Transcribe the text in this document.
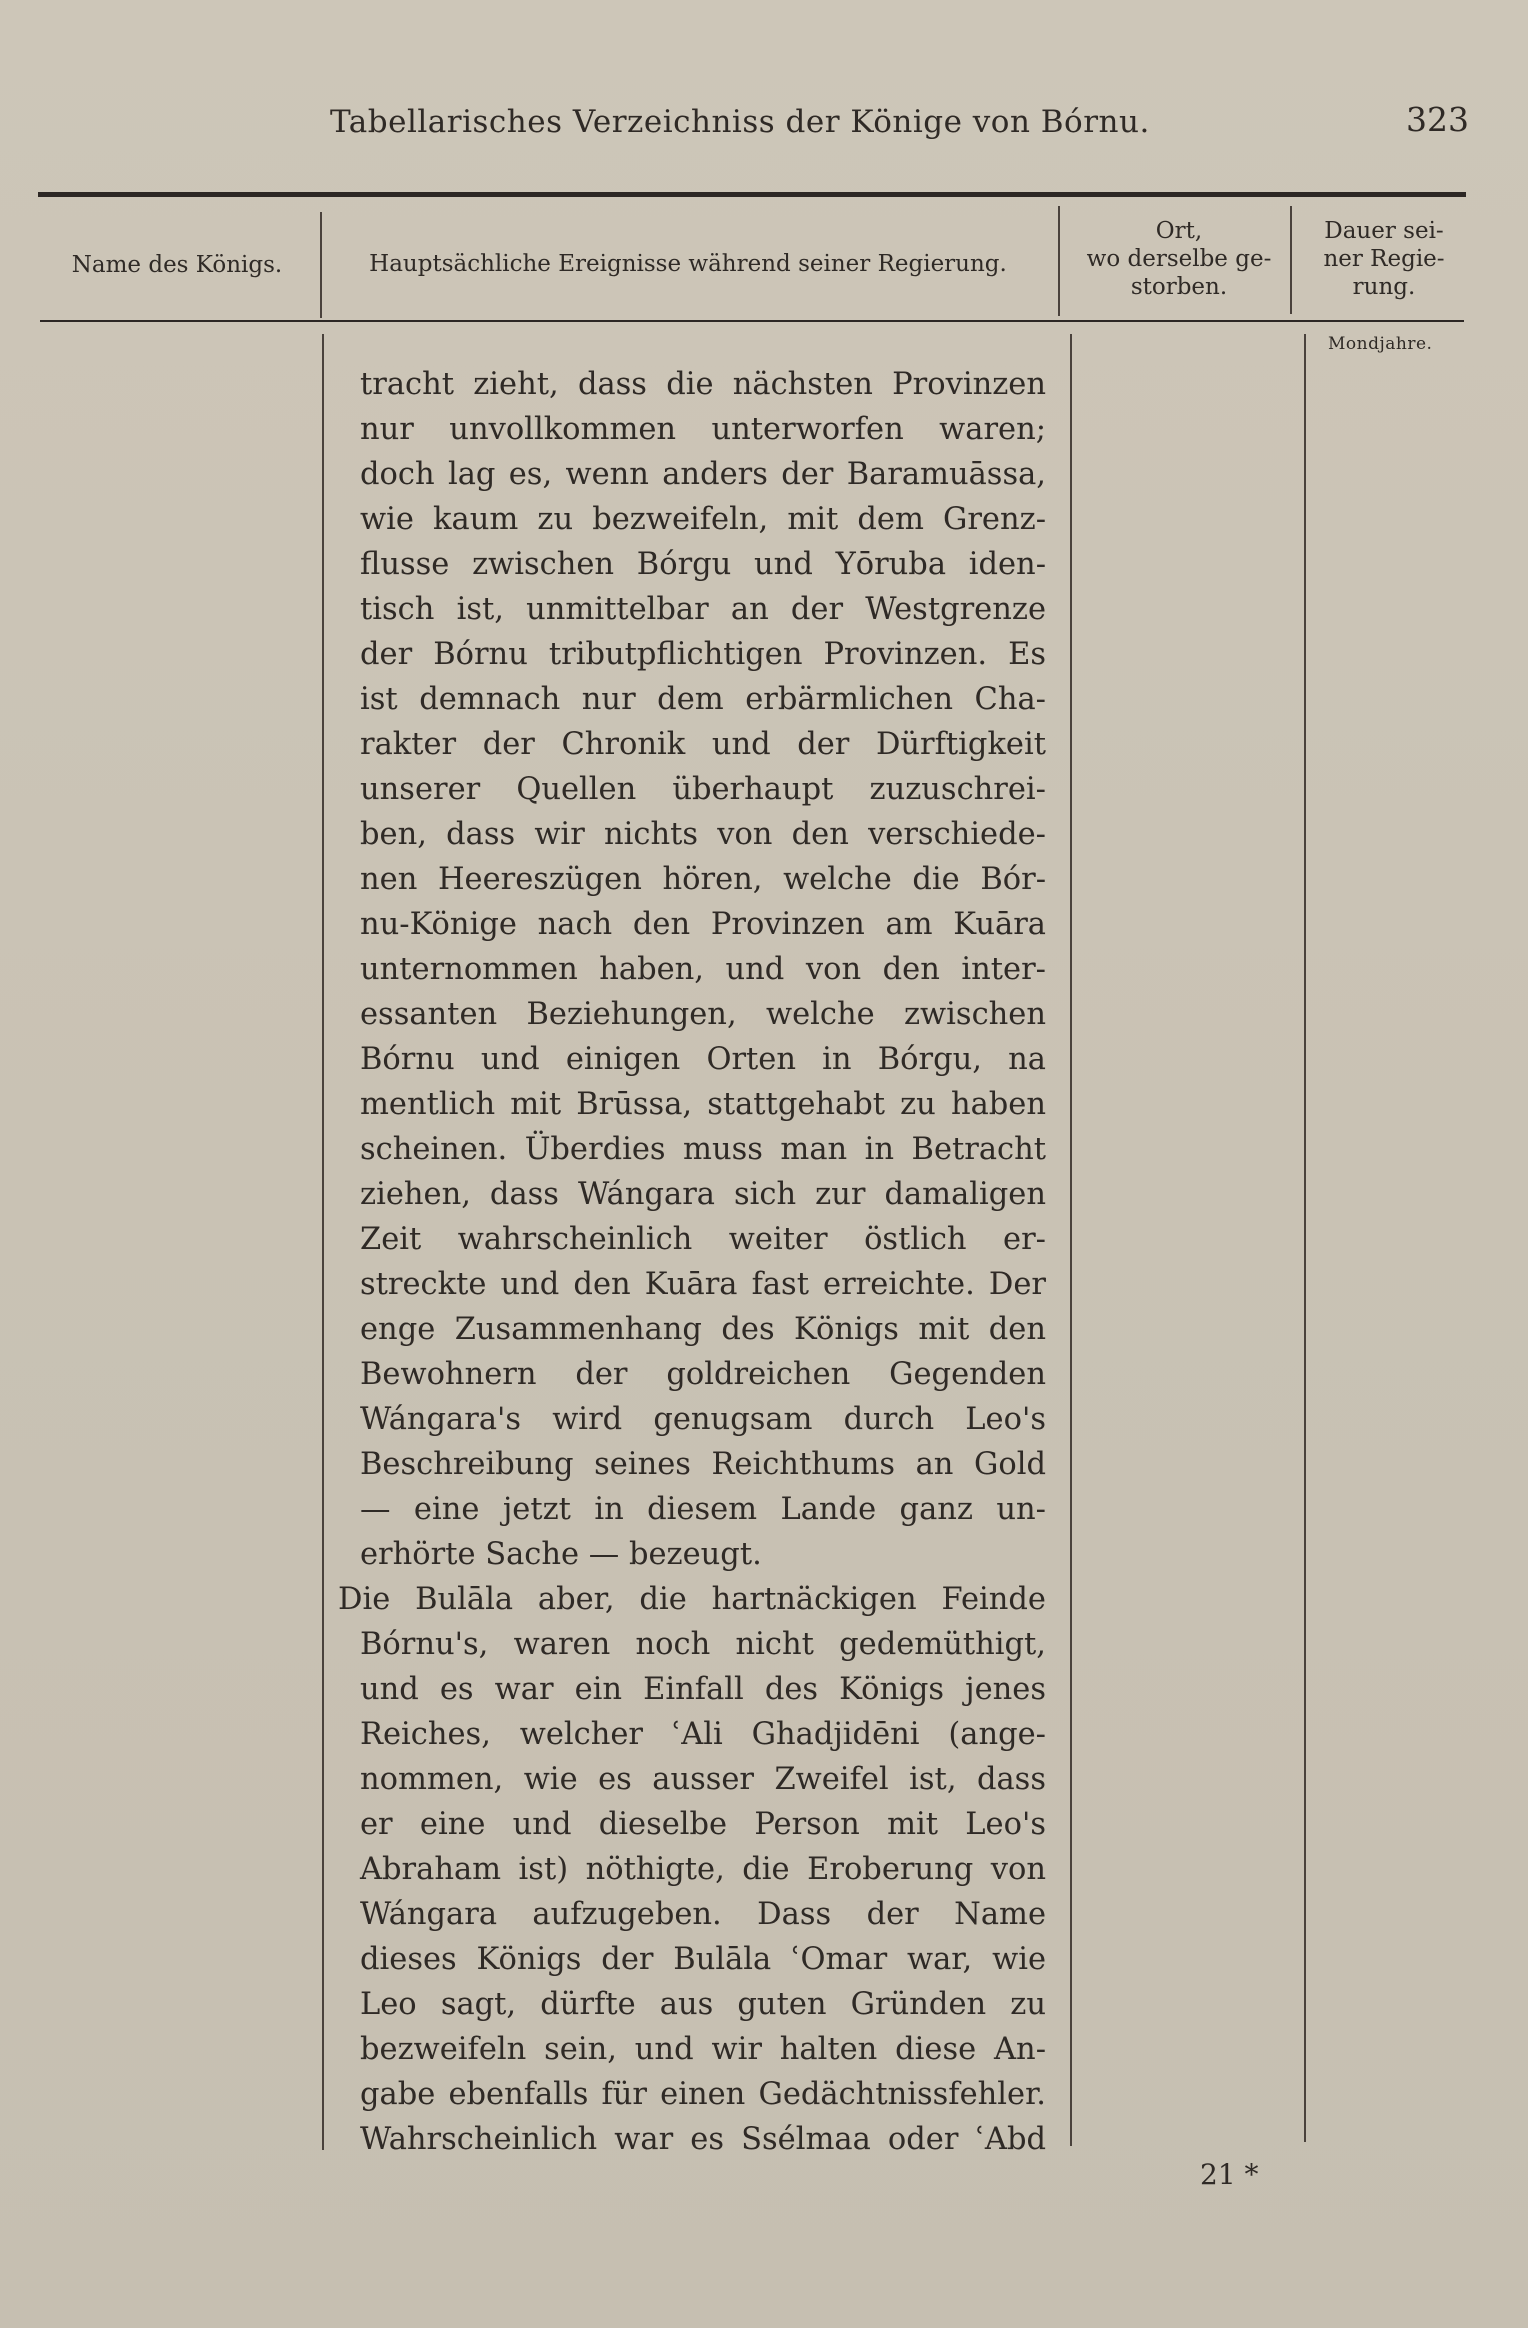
Tabellarisches Verzeichniss der Könige von Bórnu.	323
Name des Königs.	Hauptsächliche Ereignisse während seiner Regierung.
Ort,
wo derselbe ge-
storben.
Dauer sei-
ner Regie-
rung.
Mondjahre.
tracht zieht, dass die nächsten Provinzen
nur unvollkommen unterworfen waren;
doch lag es, wenn anders der Baramuāssa,
wie kaum zu bezweifeln, mit dem Grenz-
flusse zwischen Bórgu und Yōruba iden-
tisch ist, unmittelbar an der Westgrenze
der Bórnu tributpflichtigen Provinzen. Es
ist demnach nur dem erbärmlichen Cha-
rakter der Chronik und der Dürftigkeit
unserer Quellen überhaupt zuzuschrei-
ben, dass wir nichts von den verschiede-
nen Heereszügen hören, welche die Bór-
nu-Könige nach den Provinzen am Kuāra
unternommen haben, und von den inter-
essanten Beziehungen, welche zwischen
Bórnu und einigen Orten in Bórgu, na
mentlich mit Brūssa, stattgehabt zu haben
scheinen. Überdies muss man in Betracht
ziehen, dass Wángara sich zur damaligen
Zeit wahrscheinlich weiter östlich er-
streckte und den Kuāra fast erreichte. Der
enge Zusammenhang des Königs mit den
Bewohnern der goldreichen Gegenden
Wángara's wird genugsam durch Leo's
Beschreibung seines Reichthums an Gold
— eine jetzt in diesem Lande ganz un-
erhörte Sache — bezeugt.
Die Bulāla aber, die hartnäckigen Feinde
Bórnu's, waren noch nicht gedemüthigt,
und es war ein Einfall des Königs jenes
Reiches, welcher ʿAli Ghadjidēni (ange-
nommen, wie es ausser Zweifel ist, dass
er eine und dieselbe Person mit Leo's
Abraham ist) nöthigte, die Eroberung von
Wángara aufzugeben. Dass der Name
dieses Königs der Bulāla ʿOmar war, wie
Leo sagt, dürfte aus guten Gründen zu
bezweifeln sein, und wir halten diese An-
gabe ebenfalls für einen Gedächtnissfehler.
Wahrscheinlich war es Ssélmaa oder ʿAbd
21 *
